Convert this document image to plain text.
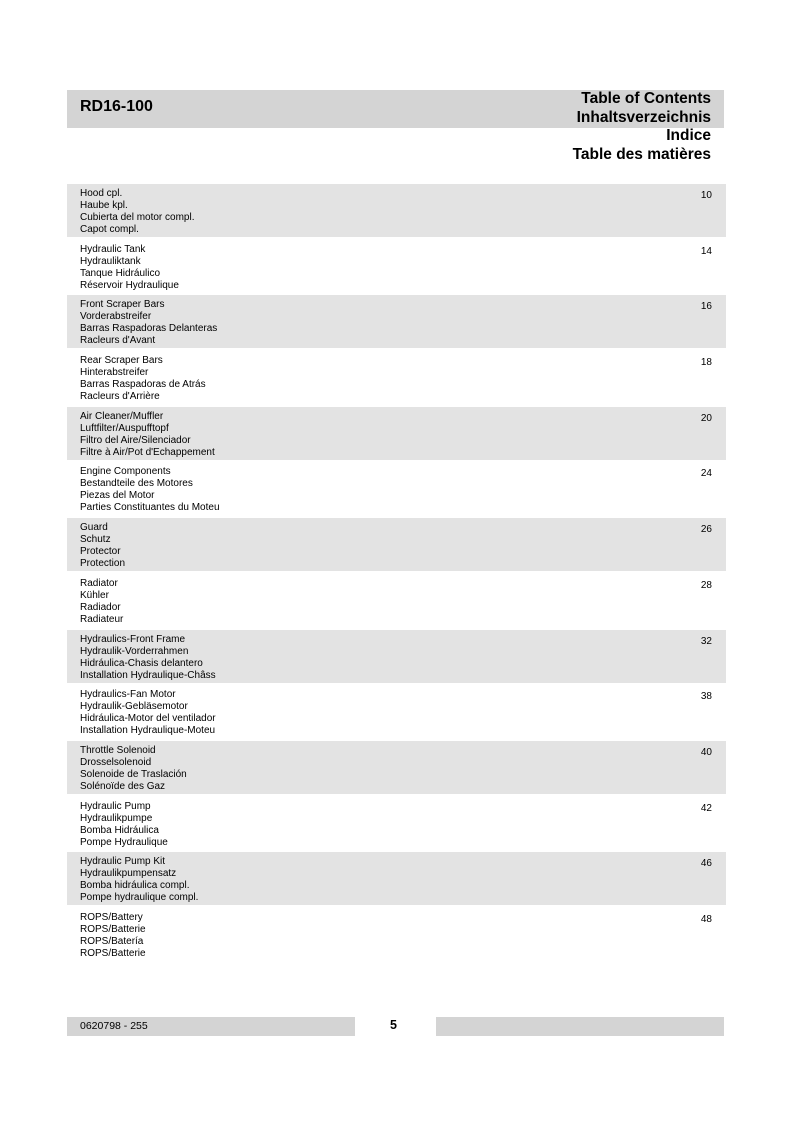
RD16-100	Table of Contents
Inhaltsverzeichnis
Indice
Table des matières
Hood cpl.
Haube kpl.
Cubierta del motor compl.
Capot compl.
10
Hydraulic Tank
Hydrauliktank
Tanque Hidráulico
Réservoir Hydraulique
14
Front Scraper Bars
Vorderabstreifer
Barras Raspadoras Delanteras
Racleurs d'Avant
16
Rear Scraper Bars
Hinterabstreifer
Barras Raspadoras de Atrás
Racleurs d'Arrière
18
Air Cleaner/Muffler
Luftfilter/Auspufftopf
Filtro del Aire/Silenciador
Filtre à Air/Pot d'Echappement
20
Engine Components
Bestandteile des Motores
Piezas del Motor
Parties Constituantes du Moteu
24
Guard
Schutz
Protector
Protection
26
Radiator
Kühler
Radiador
Radiateur
28
Hydraulics-Front Frame
Hydraulik-Vorderrahmen
Hidráulica-Chasis delantero
Installation Hydraulique-Châss
32
Hydraulics-Fan Motor
Hydraulik-Gebläsemotor
Hidráulica-Motor del ventilador
Installation Hydraulique-Moteu
38
Throttle Solenoid
Drosselsolenoid
Solenoide de Traslación
Solénoïde des Gaz
40
Hydraulic Pump
Hydraulikpumpe
Bomba Hidráulica
Pompe Hydraulique
42
Hydraulic Pump Kit
Hydraulikpumpensatz
Bomba hidráulica compl.
Pompe hydraulique compl.
46
ROPS/Battery
ROPS/Batterie
ROPS/Batería
ROPS/Batterie
48
0620798 - 255	5
